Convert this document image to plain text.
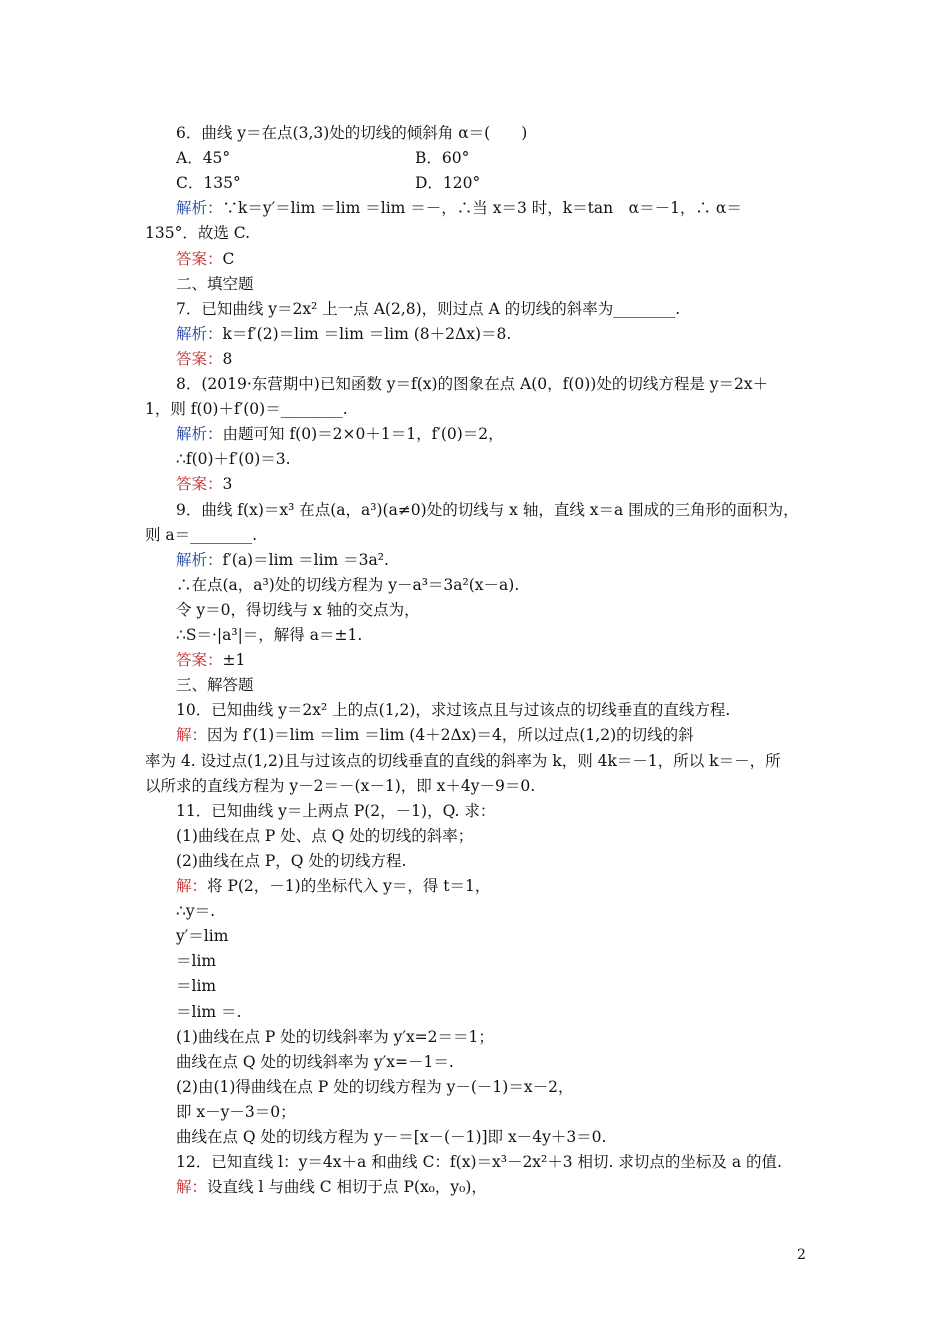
6．曲线 y＝在点(3,3)处的切线的倾斜角 α＝(　　)
A．45°	B．60°
C．135°	D．120°
解析：∵k＝y′＝lim ＝lim ＝lim ＝－，∴当 x＝3 时，k＝tan　α＝－1，∴ α＝
135°．故选 C.
答案：C
二、填空题
7．已知曲线 y＝2x² 上一点 A(2,8)，则过点 A 的切线的斜率为________.
解析：k＝f′(2)＝lim ＝lim ＝lim (8＋2Δx)＝8.
答案：8
8．(2019·东营期中)已知函数 y＝f(x)的图象在点 A(0，f(0))处的切线方程是 y＝2x＋
1，则 f(0)＋f′(0)＝________.
解析：由题可知 f(0)＝2×0＋1＝1，f′(0)＝2，
∴f(0)＋f′(0)＝3.
答案：3
9．曲线 f(x)＝x³ 在点(a，a³)(a≠0)处的切线与 x 轴，直线 x＝a 围成的三角形的面积为，
则 a＝________.
解析：f′(a)＝lim ＝lim ＝3a².
∴在点(a，a³)处的切线方程为 y－a³＝3a²(x－a).
令 y＝0，得切线与 x 轴的交点为，
∴S＝·|a³|＝，解得 a＝±1.
答案：±1
三、解答题
10．已知曲线 y＝2x² 上的点(1,2)，求过该点且与过该点的切线垂直的直线方程.
解：因为 f′(1)＝lim ＝lim ＝lim (4＋2Δx)＝4，所以过点(1,2)的切线的斜
率为 4. 设过点(1,2)且与过该点的切线垂直的直线的斜率为 k，则 4k＝－1，所以 k＝－，所
以所求的直线方程为 y－2＝－(x－1)，即 x＋4y－9＝0.
11．已知曲线 y＝上两点 P(2，－1)，Q. 求：
(1)曲线在点 P 处、点 Q 处的切线的斜率；
(2)曲线在点 P，Q 处的切线方程.
解：将 P(2，－1)的坐标代入 y＝，得 t＝1，
∴y＝.
y′＝lim
＝lim
＝lim
＝lim ＝.
(1)曲线在点 P 处的切线斜率为 y′x=2＝＝1；
曲线在点 Q 处的切线斜率为 y′x=－1＝.
(2)由(1)得曲线在点 P 处的切线方程为 y－(－1)＝x－2，
即 x－y－3＝0；
曲线在点 Q 处的切线方程为 y－＝[x－(－1)]即 x－4y＋3＝0.
12．已知直线 l：y＝4x＋a 和曲线 C：f(x)＝x³－2x²＋3 相切. 求切点的坐标及 a 的值.
解：设直线 l 与曲线 C 相切于点 P(x₀，y₀)，
2
